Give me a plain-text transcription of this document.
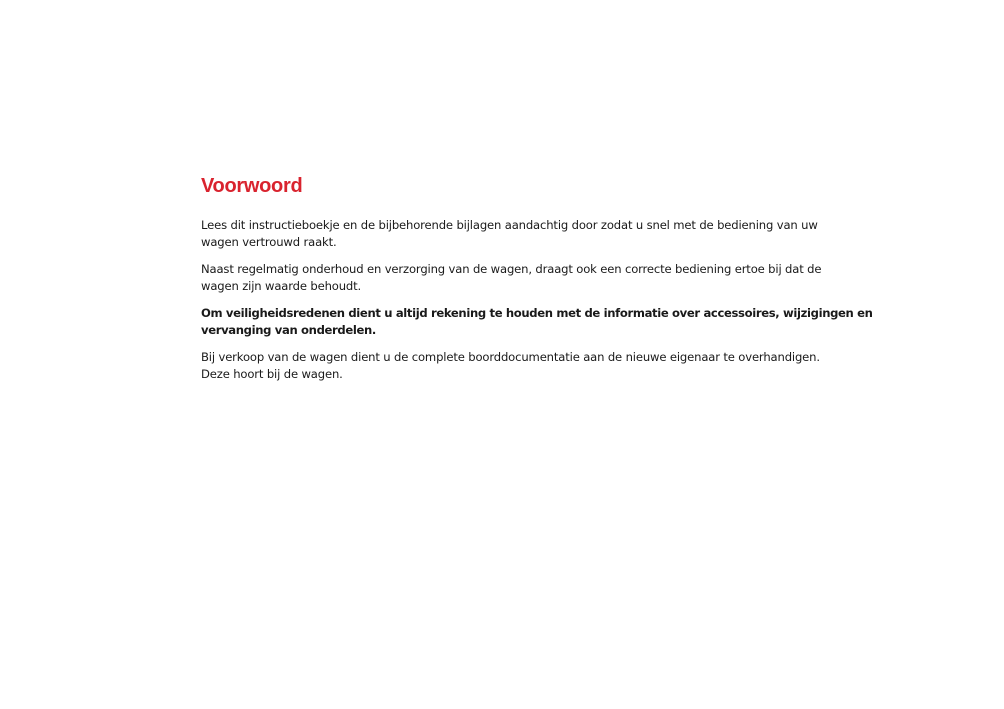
Voorwoord

Lees dit instructieboekje en de bijbehorende bijlagen aandachtig door zodat u snel met de bediening van uw
wagen vertrouwd raakt.

Naast regelmatig onderhoud en verzorging van de wagen, draagt ook een correcte bediening ertoe bij dat de
wagen zijn waarde behoudt.

Om veiligheidsredenen dient u altijd rekening te houden met de informatie over accessoires, wijzigingen en
vervanging van onderdelen.

Bij verkoop van de wagen dient u de complete boorddocumentatie aan de nieuwe eigenaar te overhandigen.
Deze hoort bij de wagen.
